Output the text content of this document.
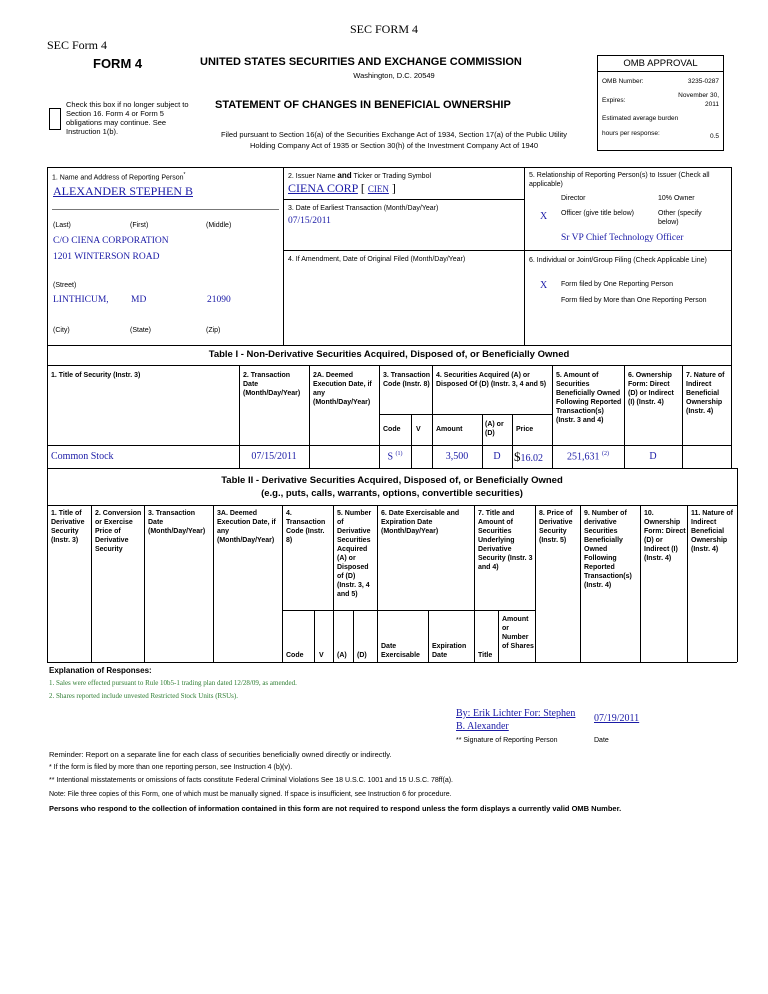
SEC FORM 4
SEC Form 4
FORM 4	UNITED STATES SECURITIES AND EXCHANGE COMMISSION
Washington, D.C. 20549
STATEMENT OF CHANGES IN BENEFICIAL OWNERSHIP
Filed pursuant to Section 16(a) of the Securities Exchange Act of 1934, Section 17(a) of the Public Utility
Holding Company Act of 1935 or Section 30(h) of the Investment Company Act of 1940
Check this box if no longer subject to Section 16. Form 4 or Form 5 obligations may continue. See Instruction 1(b).
OMB APPROVAL
OMB Number:	3235-0287
Expires:
November 30, 2011
Estimated average burden
hours per response:	0.5
1. Name and Address of Reporting Person*
ALEXANDER STEPHEN B
(Last)	(First)	(Middle)
C/O CIENA CORPORATION
1201 WINTERSON ROAD
(Street)
LINTHICUM, MD	21090
(City)	(State)	(Zip)
2. Issuer Name and Ticker or Trading Symbol
CIENA CORP [ CIEN ]
3. Date of Earliest Transaction (Month/Day/Year)
07/15/2011
4. If Amendment, Date of Original Filed (Month/Day/Year)
5. Relationship of Reporting Person(s) to Issuer (Check all applicable)
Director	10% Owner
X Officer (give title below)	Other (specify below)
Sr VP Chief Technology Officer
6. Individual or Joint/Group Filing (Check Applicable Line)
X Form filed by One Reporting Person
Form filed by More than One Reporting Person
Table I - Non-Derivative Securities Acquired, Disposed of, or Beneficially Owned
1. Title of Security (Instr. 3)	2. Transaction Date (Month/Day/Year)
2A. Deemed Execution Date, if any (Month/Day/Year)
3. Transaction Code (Instr. 8)
4. Securities Acquired (A) or Disposed Of (D) (Instr. 3, 4 and 5)
5. Amount of Securities Beneficially Owned Following Reported Transaction(s) (Instr. 3 and 4)
6. Ownership Form: Direct (D) or Indirect (I) (Instr. 4)
7. Nature of Indirect Beneficial Ownership (Instr. 4)
Code V Amount
(A) or (D)
Price
Common Stock	07/15/2011	S $^{(1)}$	3,500	D	$16.02	251,631 $^{(2)}$	D
Table II - Derivative Securities Acquired, Disposed of, or Beneficially Owned
(e.g., puts, calls, warrants, options, convertible securities)
1. Title of Derivative Security (Instr. 3)
2. Conversion or Exercise Price of Derivative Security
3. Transaction Date (Month/Day/Year)
3A. Deemed Execution Date, if any (Month/Day/Year)
4. Transaction Code (Instr. 8)
5. Number of Derivative Securities Acquired (A) or Disposed of (D) (Instr. 3, 4 and 5)
6. Date Exercisable and Expiration Date (Month/Day/Year)
7. Title and Amount of Securities Underlying Derivative Security (Instr. 3 and 4)
8. Price of Derivative Security (Instr. 5)
9. Number of derivative Securities Beneficially Owned Following Reported Transaction(s) (Instr. 4)
10. Ownership Form: Direct (D) or Indirect (I) (Instr. 4)
11. Nature of Indirect Beneficial Ownership (Instr. 4)
Code V (A) (D)
Date Exercisable
Expiration Date	Title
Amount or Number of Shares
Explanation of Responses:
1. Sales were effected pursuant to Rule 10b5-1 trading plan dated 12/28/09, as amended.
2. Shares reported include unvested Restricted Stock Units (RSUs).
By: Erik Lichter For: Stephen B. Alexander
07/19/2011
** Signature of Reporting Person	Date
Reminder: Report on a separate line for each class of securities beneficially owned directly or indirectly.
* If the form is filed by more than one reporting person, see Instruction 4 (b)(v).
** Intentional misstatements or omissions of facts constitute Federal Criminal Violations See 18 U.S.C. 1001 and 15 U.S.C. 78ff(a).
Note: File three copies of this Form, one of which must be manually signed. If space is insufficient, see Instruction 6 for procedure.
Persons who respond to the collection of information contained in this form are not required to respond unless the form displays a currently valid OMB Number.
